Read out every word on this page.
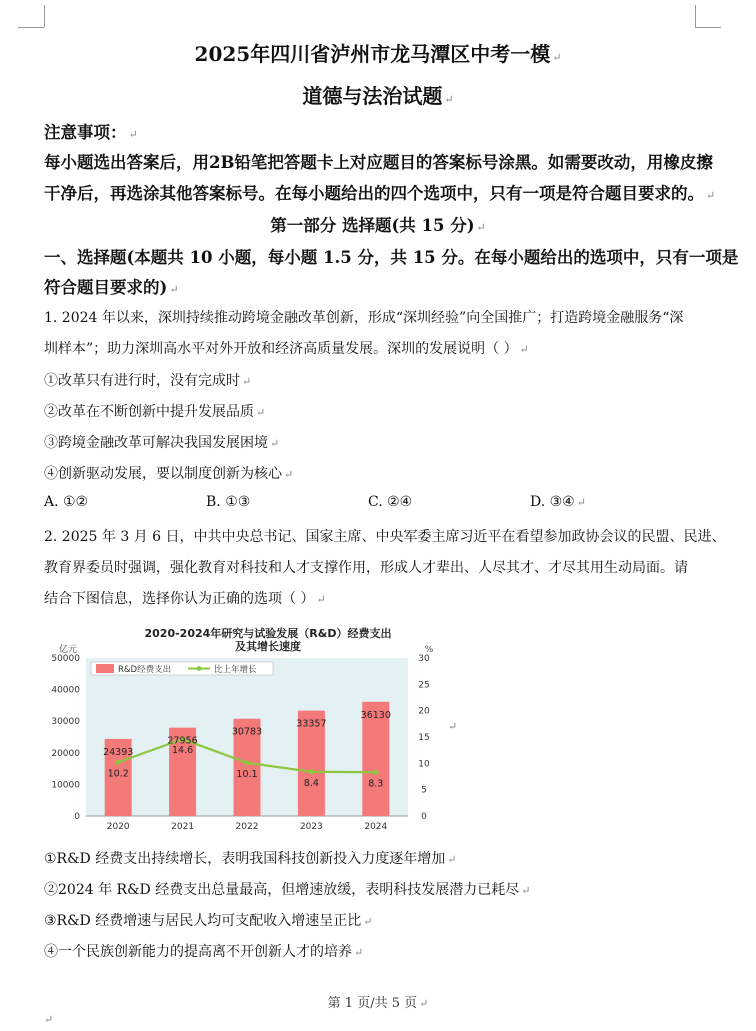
2025年四川省泸州市龙马潭区中考一模 ↵
道德与法治试题 ↵
注意事项： ↵
每小题选出答案后，用2B铅笔把答题卡上对应题目的答案标号涂黑。如需要改动，用橡皮擦
干净后，再选涂其他答案标号。在每小题给出的四个选项中，只有一项是符合题目要求的。 ↵
第一部分 选择题(共 15 分) ↵
一、选择题(本题共 10 小题，每小题 1.5 分，共 15 分。在每小题给出的选项中，只有一项是
符合题目要求的) ↵
1. 2024 年以来，深圳持续推动跨境金融改革创新，形成“深圳经验”向全国推广；打造跨境金融服务“深
圳样本”；助力深圳高水平对外开放和经济高质量发展。深圳的发展说明（ ） ↵
①改革只有进行时，没有完成时 ↵
②改革在不断创新中提升发展品质 ↵
③跨境金融改革可解决我国发展困境 ↵
④创新驱动发展，要以制度创新为核心 ↵
A. ①②	B. ①③	C. ②④	D. ③④ ↵
2. 2025 年 3 月 6 日，中共中央总书记、国家主席、中央军委主席习近平在看望参加政协会议的民盟、民进、
教育界委员时强调，强化教育对科技和人才支撑作用，形成人才辈出、人尽其才、才尽其用生动局面。请
结合下图信息，选择你认为正确的选项（ ） ↵
2020-2024年研究与试验发展（R&D）经费支出
及其增长速度
亿元	%
24393
27956
30783
33357
36130
10.2
14.6
10.1
8.4	8.3
0
10000
20000
30000
40000
50000
0
5
10
15
20
25
30
2020	2021	2022	2023	2024
R&D经费支出	比上年增长
↵
①R&D 经费支出持续增长，表明我国科技创新投入力度逐年增加 ↵
②2024 年 R&D 经费支出总量最高，但增速放缓，表明科技发展潜力已耗尽 ↵
③R&D 经费增速与居民人均可支配收入增速呈正比 ↵
④一个民族创新能力的提高离不开创新人才的培养 ↵
第 1 页/共 5 页 ↵
↵
